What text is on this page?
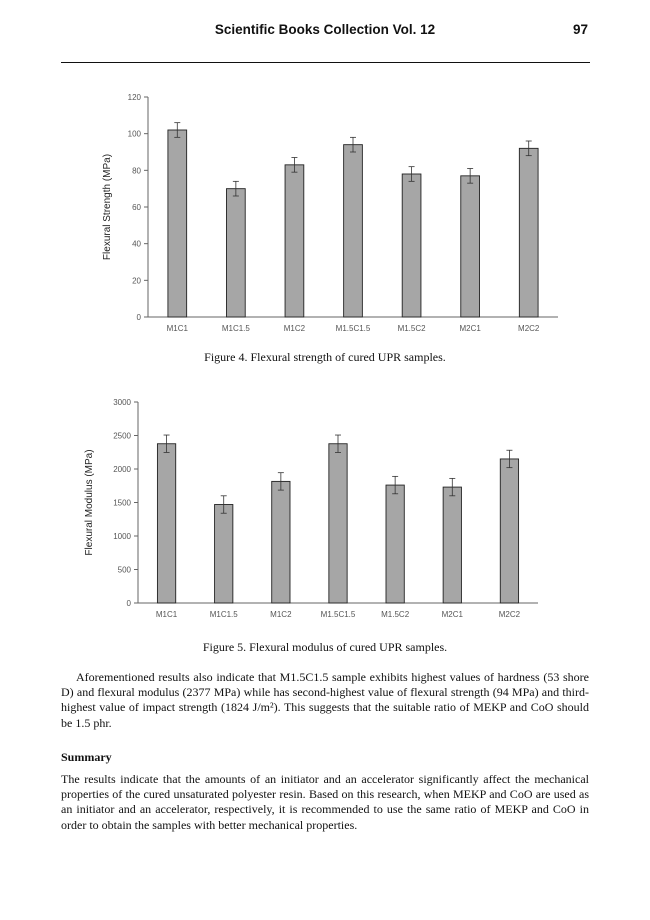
Scientific Books Collection Vol. 12	97
0
20
40
60
80
100
120
Flexural Strength (MPa)
M1C1	M1C1.5	M1C2	M1.5C1.5	M1.5C2	M2C1	M2C2
Figure 4. Flexural strength of cured UPR samples.
0
500
1000
1500
2000
2500
3000
Flexural Modulus (MPa)
M1C1	M1C1.5	M1C2	M1.5C1.5	M1.5C2	M2C1	M2C2
Figure 5. Flexural modulus of cured UPR samples.

Aforementioned results also indicate that M1.5C1.5 sample exhibits highest values of hardness (53 shore D) and flexural modulus (2377 MPa) while has second-highest value of flexural strength (94 MPa) and third-highest value of impact strength (1824 J/m²). This suggests that the suitable ratio of MEKP and CoO should be 1.5 phr.

Summary

The results indicate that the amounts of an initiator and an accelerator significantly affect the mechanical properties of the cured unsaturated polyester resin. Based on this research, when MEKP and CoO are used as an initiator and an accelerator, respectively, it is recommended to use the same ratio of MEKP and CoO in order to obtain the samples with better mechanical properties.
